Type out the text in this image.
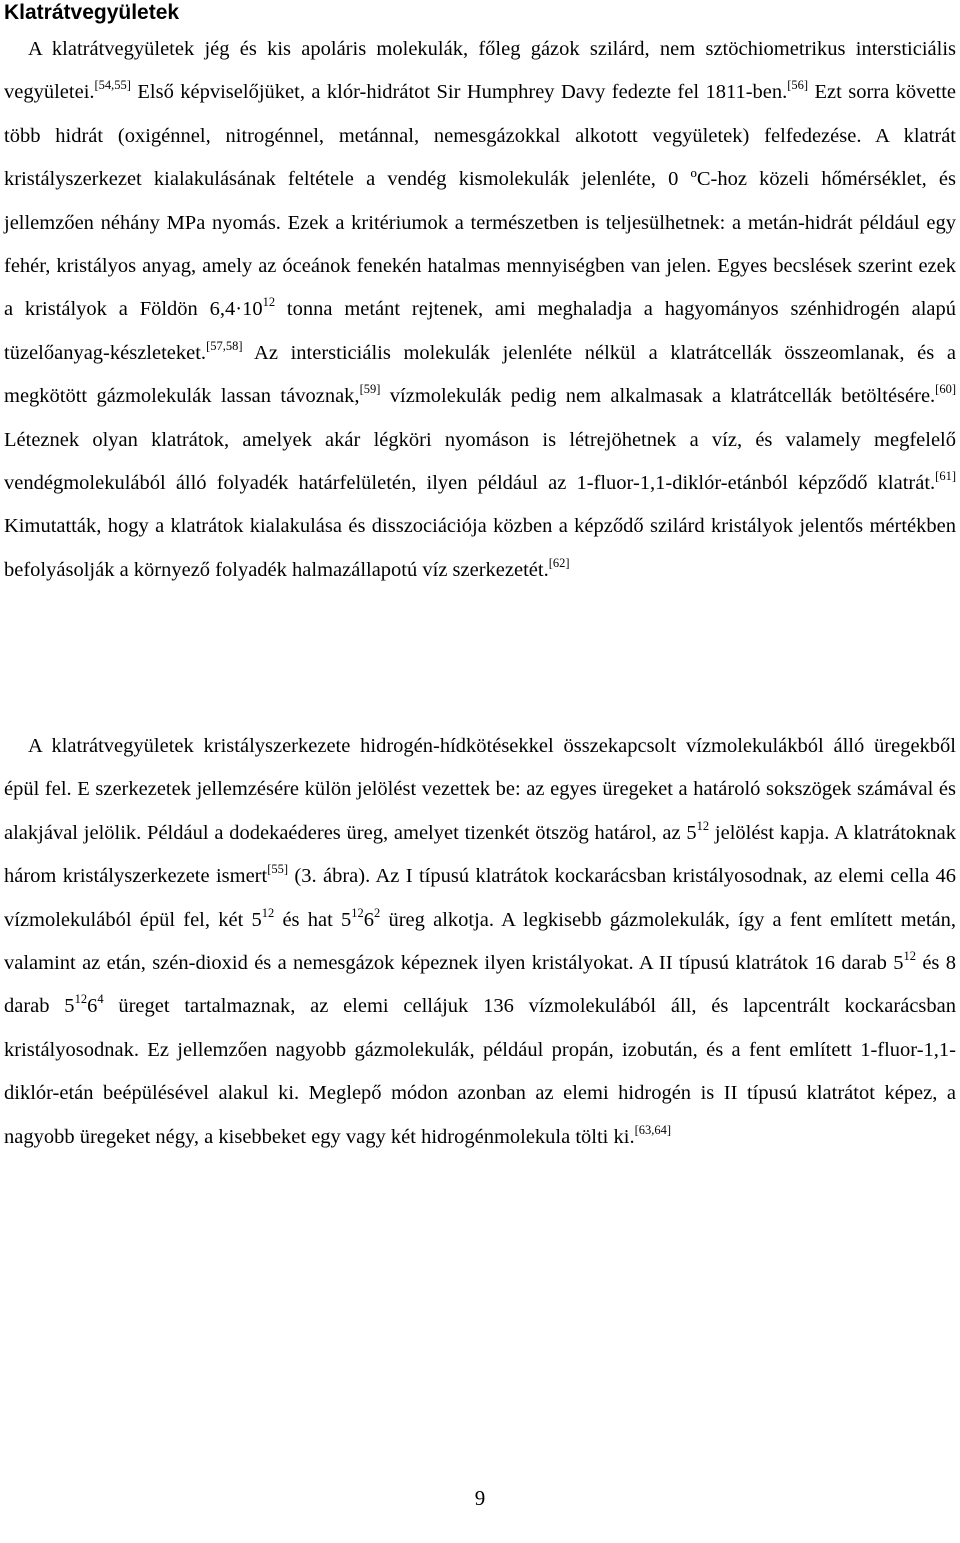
Klatrátvegyületek

A klatrátvegyületek jég és kis apoláris molekulák, főleg gázok szilárd, nem sztöchiometrikus intersticiális vegyületei.[54,55] Első képviselőjüket, a klór-hidrátot Sir Humphrey Davy fedezte fel 1811-ben.[56] Ezt sorra követte több hidrát (oxigénnel, nitrogénnel, metánnal, nemesgázokkal alkotott vegyületek) felfedezése. A klatrát kristályszerkezet kialakulásának feltétele a vendég kismolekulák jelenléte, 0 ºC-hoz közeli hőmérséklet, és jellemzően néhány MPa nyomás. Ezek a kritériumok a természetben is teljesülhetnek: a metán-hidrát például egy fehér, kristályos anyag, amely az óceánok fenekén hatalmas mennyiségben van jelen. Egyes becslések szerint ezek a kristályok a Földön $6,4\cdot 10^{12}$ tonna metánt rejtenek, ami meghaladja a hagyományos szénhidrogén alapú tüzelőanyag-készleteket.[57,58] Az intersticiális molekulák jelenléte nélkül a klatrátcellák összeomlanak, és a megkötött gázmolekulák lassan távoznak,[59] vízmolekulák pedig nem alkalmasak a klatrátcellák betöltésére.[60] Léteznek olyan klatrátok, amelyek akár légköri nyomáson is létrejöhetnek a víz, és valamely megfelelő vendégmolekulából álló folyadék határfelületén, ilyen például az 1-fluor-1,1-diklór-etánból képződő klatrát.[61] Kimutatták, hogy a klatrátok kialakulása és disszociációja közben a képződő szilárd kristályok jelentős mértékben befolyásolják a környező folyadék halmazállapotú víz szerkezetét.[62]

A klatrátvegyületek kristályszerkezete hidrogén-hídkötésekkel összekapcsolt vízmolekulákból álló üregekből épül fel. E szerkezetek jellemzésére külön jelölést vezettek be: az egyes üregeket a határoló sokszögek számával és alakjával jelölik. Például a dodekaéderes üreg, amelyet tizenkét ötszög határol, az $5^{12}$ jelölést kapja. A klatrátoknak három kristályszerkezete ismert[55] (3. ábra). Az I típusú klatrátok kockarácsban kristályosodnak, az elemi cella 46 vízmolekulából épül fel, két $5^{12}$ és hat $5^{12}6^2$ üreg alkotja. A legkisebb gázmolekulák, így a fent említett metán, valamint az etán, szén-dioxid és a nemesgázok képeznek ilyen kristályokat. A II típusú klatrátok 16 darab $5^{12}$ és 8 darab $5^{12}6^4$ üreget tartalmaznak, az elemi cellájuk 136 vízmolekulából áll, és lapcentrált kockarácsban kristályosodnak. Ez jellemzően nagyobb gázmolekulák, például propán, izobután, és a fent említett 1-fluor-1,1-diklór-etán beépülésével alakul ki. Meglepő módon azonban az elemi hidrogén is II típusú klatrátot képez, a nagyobb üregeket négy, a kisebbeket egy vagy két hidrogénmolekula tölti ki.[63,64]

9
